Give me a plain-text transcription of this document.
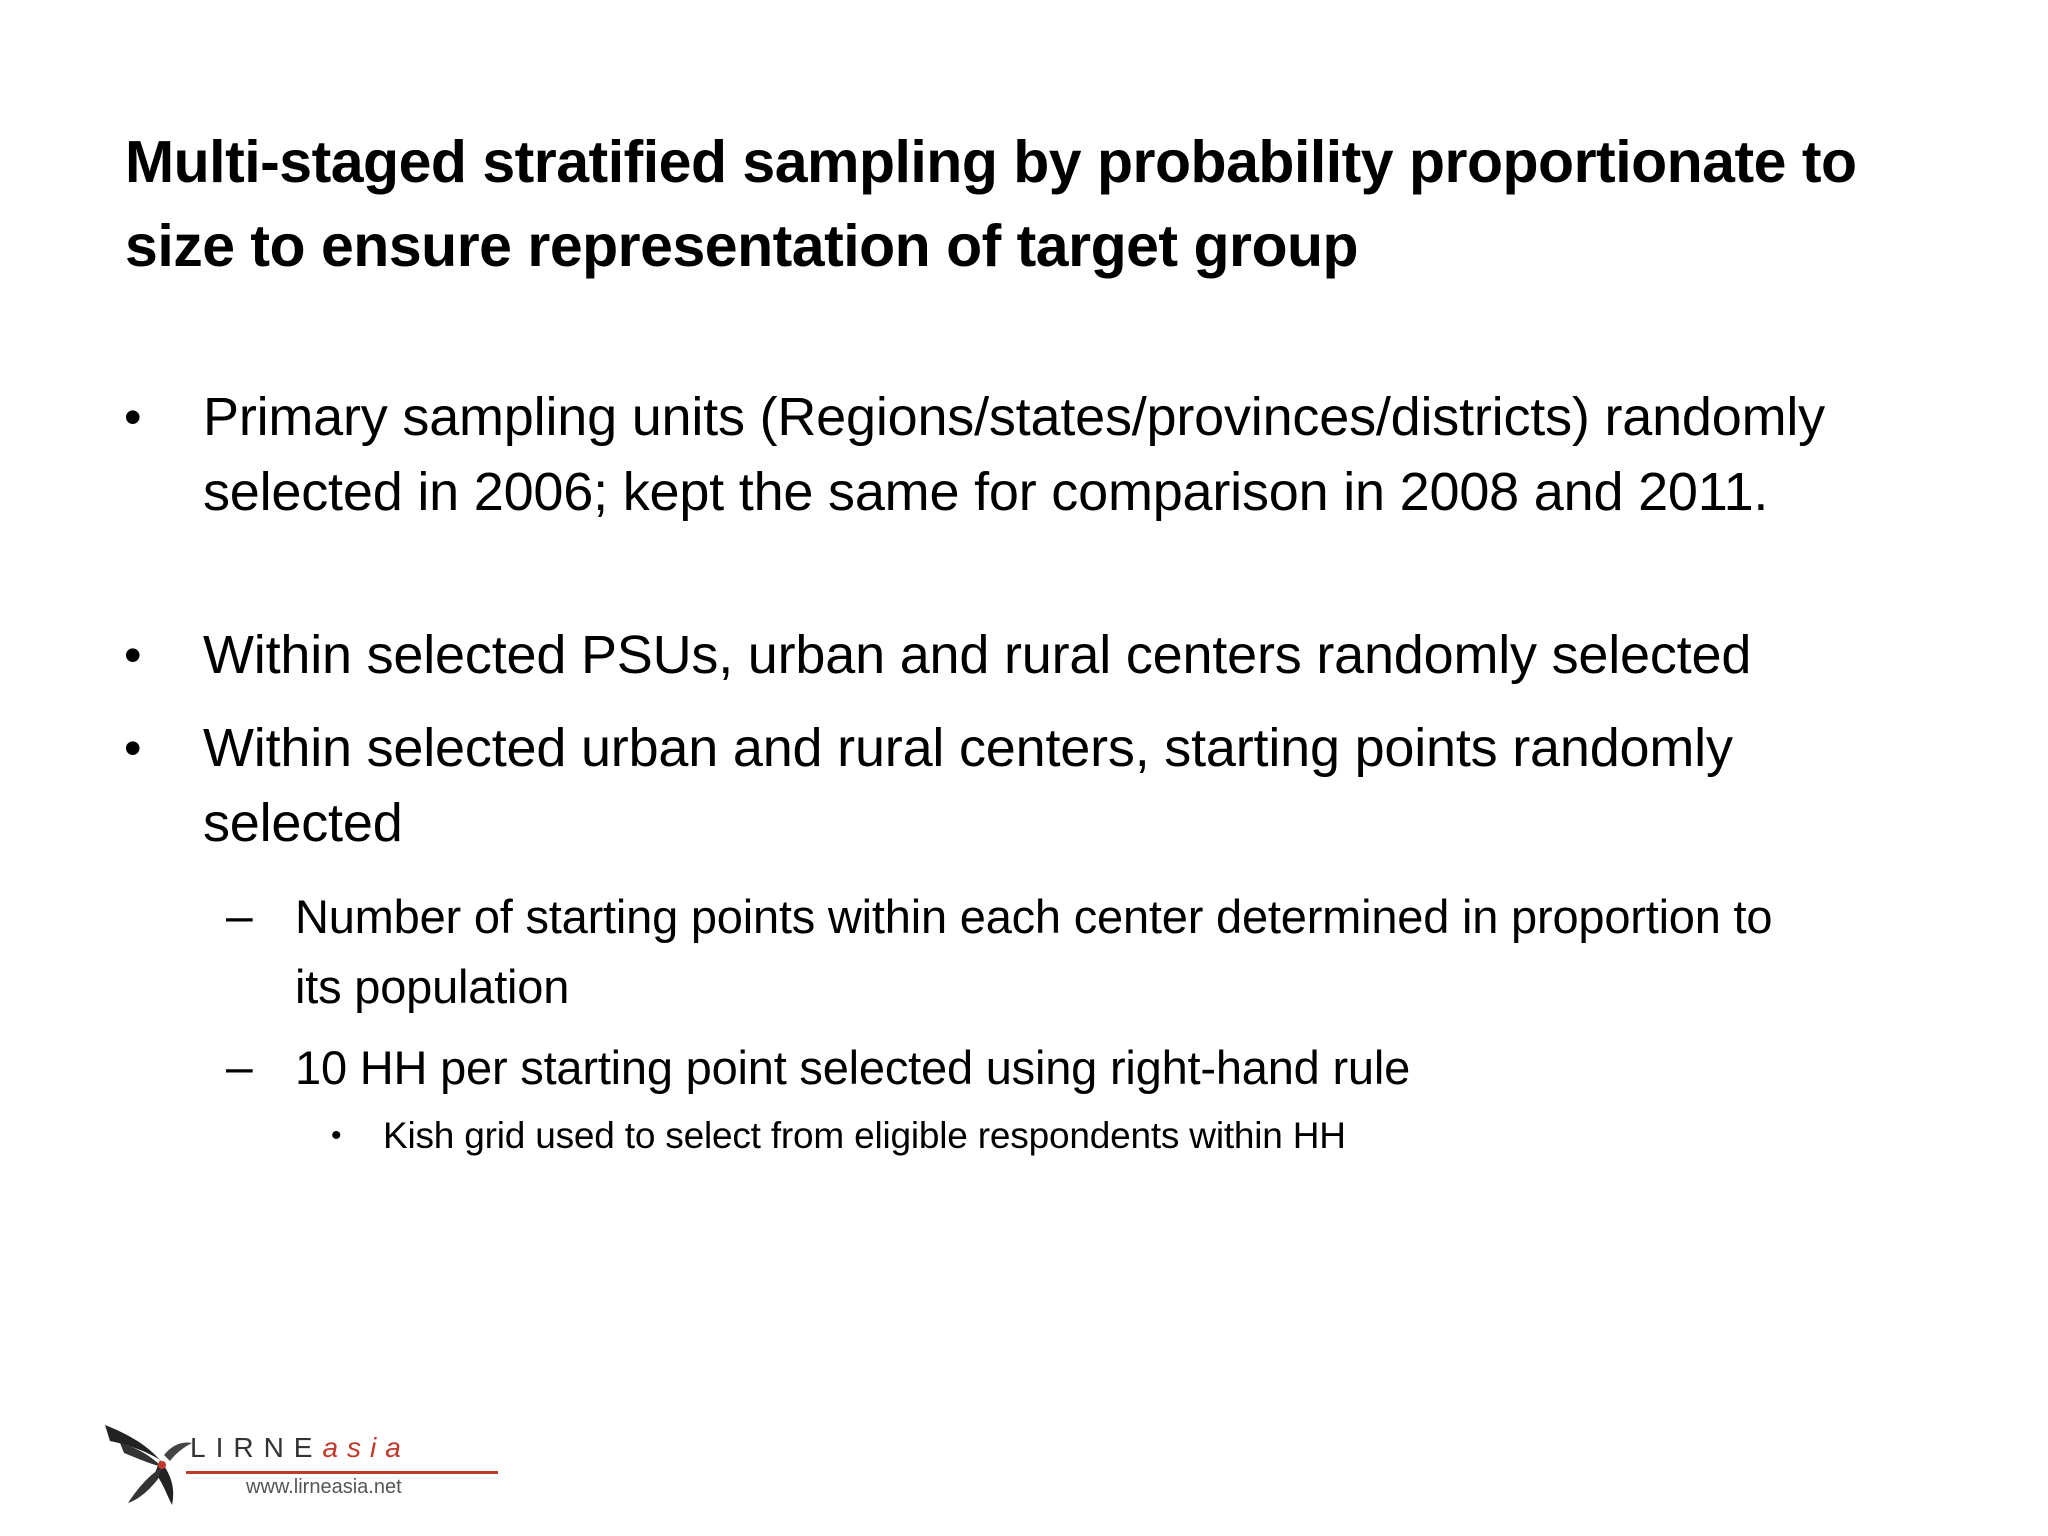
Multi-staged stratified sampling by probability proportionate to size to ensure representation of target group
• Primary sampling units (Regions/states/provinces/districts) randomly selected in 2006; kept the same for comparison in 2008 and 2011.
• Within selected PSUs, urban and rural centers randomly selected
• Within selected urban and rural centers, starting points randomly selected
– Number of starting points within each center determined in proportion to its population
– 10 HH per starting point selected using right-hand rule
• Kish grid used to select from eligible respondents within HH
LIRNEasia
www.lirneasia.net
